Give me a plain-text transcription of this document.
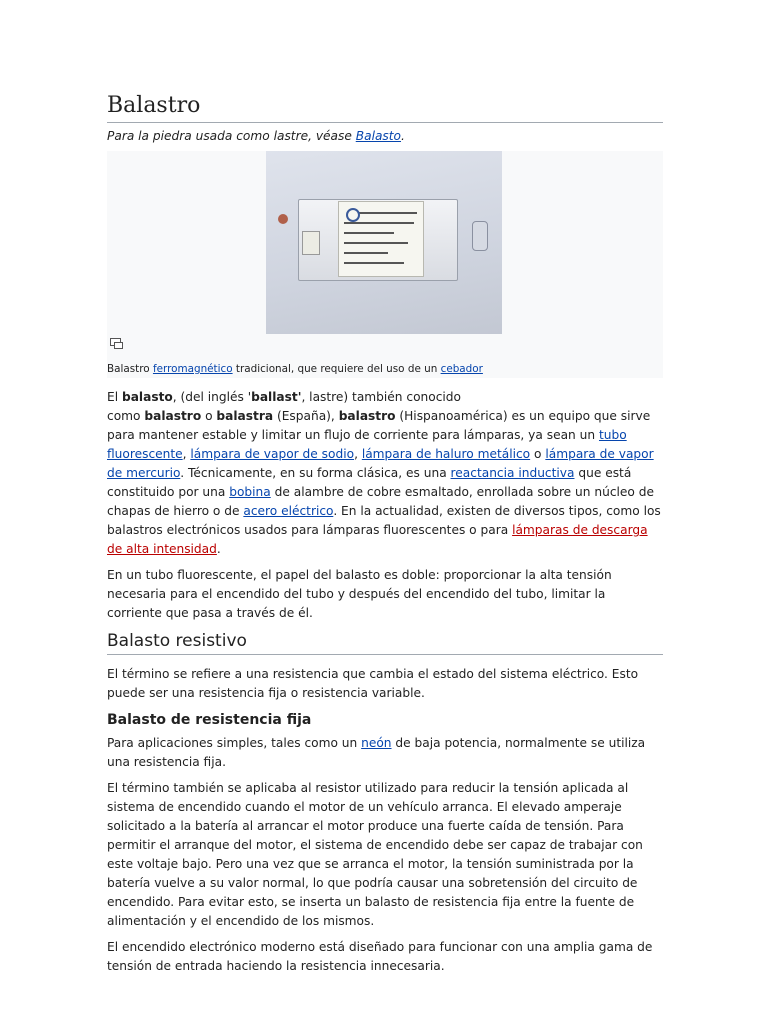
Balastro
Para la piedra usada como lastre, véase Balasto.
Balastro ferromagnético tradicional, que requiere del uso de un cebador

El balasto, (del inglés 'ballast', lastre) también conocido
como balastro o balastra (España), balastro (Hispanoamérica) es un equipo que sirve para mantener estable y limitar un flujo de corriente para lámparas, ya sean un tubo fluorescente, lámpara de vapor de sodio, lámpara de haluro metálico o lámpara de vapor de mercurio. Técnicamente, en su forma clásica, es una reactancia inductiva que está constituido por una bobina de alambre de cobre esmaltado, enrollada sobre un núcleo de chapas de hierro o de acero eléctrico. En la actualidad, existen de diversos tipos, como los balastros electrónicos usados para lámparas fluorescentes o para lámparas de descarga de alta intensidad.

En un tubo fluorescente, el papel del balasto es doble: proporcionar la alta tensión necesaria para el encendido del tubo y después del encendido del tubo, limitar la corriente que pasa a través de él.

Balasto resistivo

El término se refiere a una resistencia que cambia el estado del sistema eléctrico. Esto puede ser una resistencia fija o resistencia variable.

Balasto de resistencia fija

Para aplicaciones simples, tales como un neón de baja potencia, normalmente se utiliza una resistencia fija.

El término también se aplicaba al resistor utilizado para reducir la tensión aplicada al sistema de encendido cuando el motor de un vehículo arranca. El elevado amperaje solicitado a la batería al arrancar el motor produce una fuerte caída de tensión. Para permitir el arranque del motor, el sistema de encendido debe ser capaz de trabajar con este voltaje bajo. Pero una vez que se arranca el motor, la tensión suministrada por la batería vuelve a su valor normal, lo que podría causar una sobretensión del circuito de encendido. Para evitar esto, se inserta un balasto de resistencia fija entre la fuente de alimentación y el encendido de los mismos.

El encendido electrónico moderno está diseñado para funcionar con una amplia gama de tensión de entrada haciendo la resistencia innecesaria.
